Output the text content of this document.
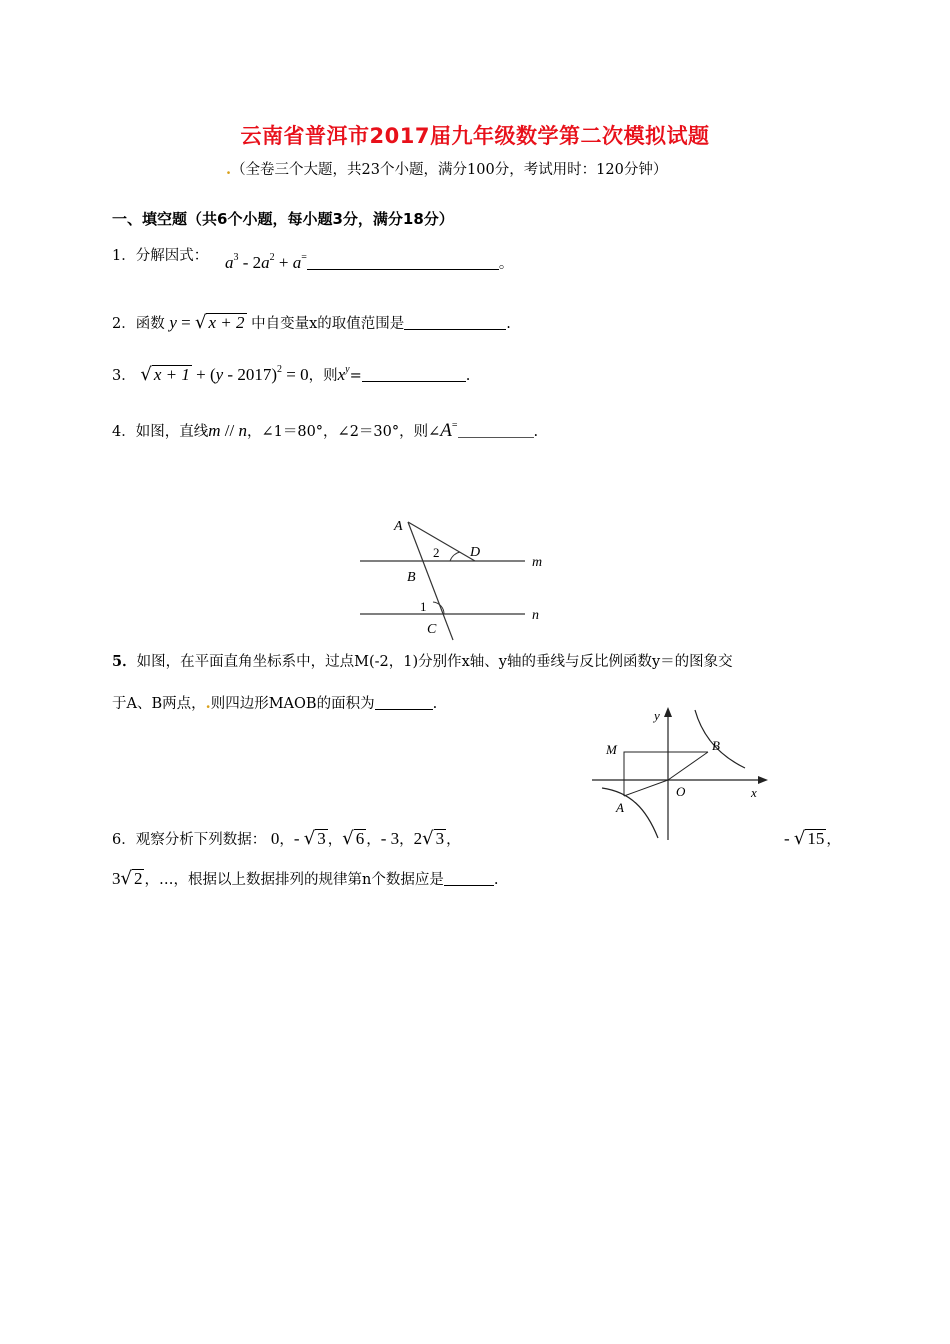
云南省普洱市2017届九年级数学第二次模拟试题
.（全卷三个大题，共23个小题，满分100分，考试用时：120分钟）
一、填空题（共6个小题，每小题3分，满分18分）
1．分解因式： $a^3 - 2a^2 + a^=$	。
2．函数 y = √ x + 2 中自变量x的取值范围是	.
3． √ x + 1 + (y - 2017)$^2$ = 0，则$x^y=$	.
4．如图，直线m // n，∠1＝80°，∠2＝30°，则∠A=	.
A
B
C
D
m
n
1
2
5．如图，在平面直角坐标系中，过点M(-2，1)分别作x轴、y轴的垂线与反比例函数y＝的图象交
于A、B两点，.则四边形MAOB的面积为	.
y
x
M	B
O
A
6．观察分析下列数据： 0，- √ 3 ，√ 6 ，- 3，2√ 3 ，	- √ 15 ，
3√ 2 ，…，根据以上数据排列的规律第n个数据应是	.
